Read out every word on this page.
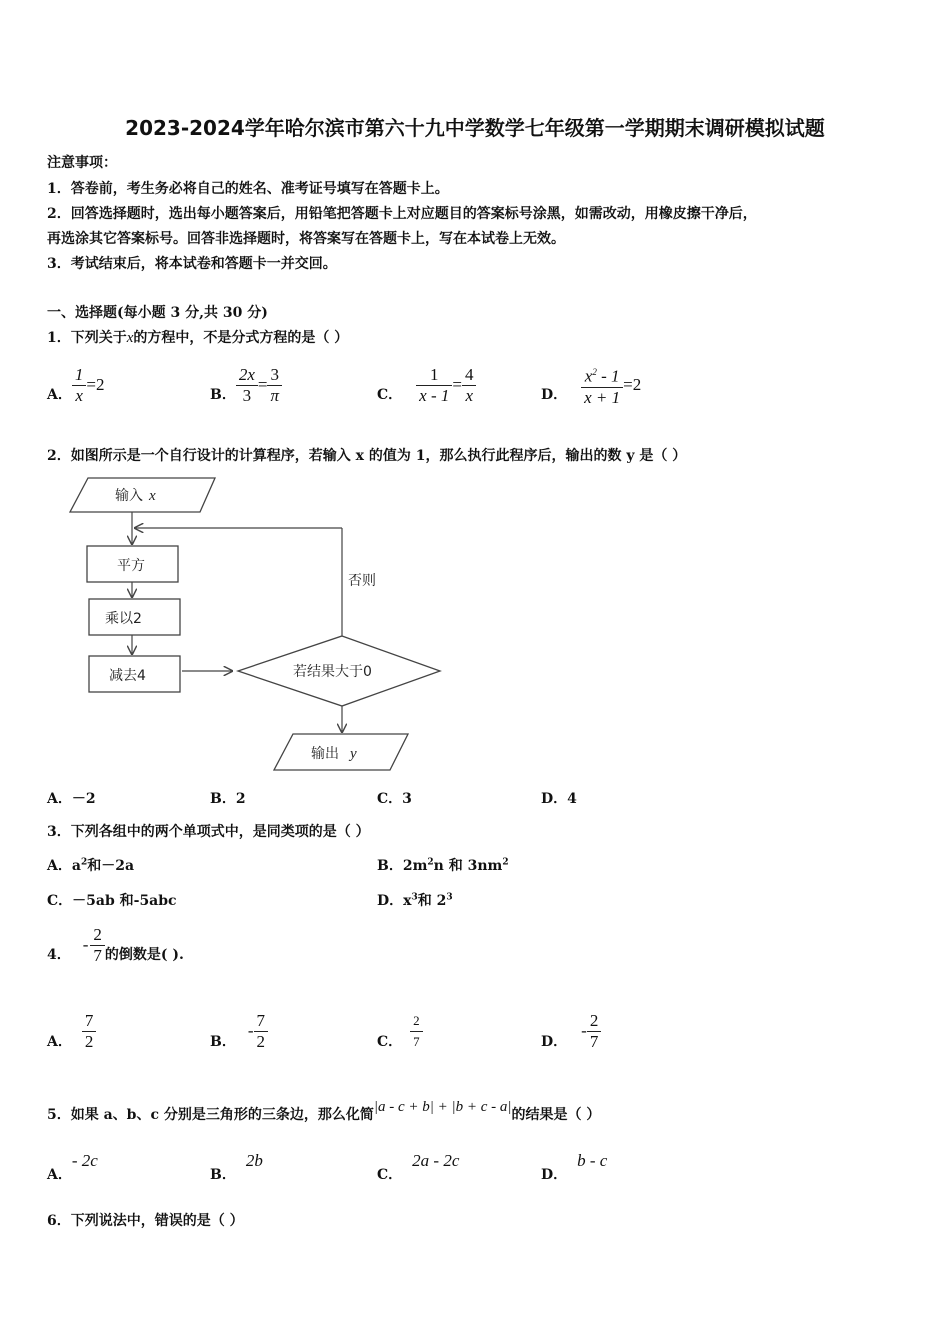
2023-2024学年哈尔滨市第六十九中学数学七年级第一学期期末调研模拟试题
注意事项：
1．答卷前，考生务必将自己的姓名、准考证号填写在答题卡上。
2．回答选择题时，选出每小题答案后，用铅笔把答题卡上对应题目的答案标号涂黑，如需改动，用橡皮擦干净后，
再选涂其它答案标号。回答非选择题时，将答案写在答题卡上，写在本试卷上无效。
3．考试结束后，将本试卷和答题卡一并交回。
一、选择题(每小题 3 分,共 30 分)
1．下列关于x的方程中，不是分式方程的是（ ）
A． $\frac{1}{x} =2$
B． $\frac{2x}{3} = \frac{3}{\pi}$	C． $\frac{1}{x - 1} = \frac{4}{x}$	D． $\frac{x^2 - 1}{x + 1} =2$
2．如图所示是一个自行设计的计算程序，若输入 x 的值为 1，那么执行此程序后，输出的数 y 是（ ）
输入 x
否则
平方
乘以2
减去4	若结果大于0
输出 y
A．－2	B．2	C．3	D．4
3．下列各组中的两个单项式中，是同类项的是（ ）
A．$a^2$和－2a	B．$2m^2n$ 和 $3nm^2$
C．－5ab 和-5abc	D．$x^3$和 $2^3$
4．
- $\frac{2}{7}$ 的倒数是( ).
A． $\frac{7}{2}$	B．
- $\frac{7}{2}$	C． $\frac{2}{7}$	D．
- $\frac{2}{7}$
5．如果 a、b、c 分别是三角形的三条边，那么化简|a - c + b| + |b + c - a|的结果是（ ）
A．- 2c
B．2b
C．2a - 2c
D．b - c
6．下列说法中，错误的是（ ）
